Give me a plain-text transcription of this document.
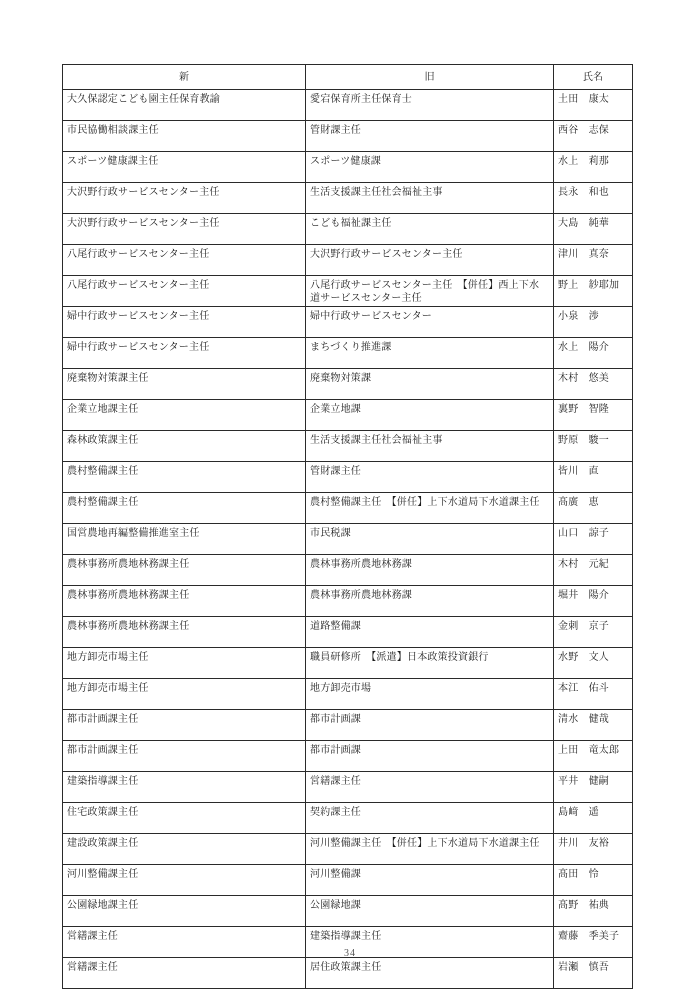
新	旧	氏名
大久保認定こども園主任保育教諭	愛宕保育所主任保育士	土田　康太
市民協働相談課主任	管財課主任	西谷　志保
スポーツ健康課主任	スポーツ健康課	水上　莉那
大沢野行政サービスセンター主任	生活支援課主任社会福祉主事	長永　和也
大沢野行政サービスセンター主任	こども福祉課主任	大島　純華
八尾行政サービスセンター主任	大沢野行政サービスセンター主任	津川　真奈
八尾行政サービスセンター主任	八尾行政サービスセンター主任　【併任】西上下水道サービスセンター主任	野上　紗耶加
婦中行政サービスセンター主任	婦中行政サービスセンター	小泉　渉
婦中行政サービスセンター主任	まちづくり推進課	水上　陽介
廃棄物対策課主任	廃棄物対策課	木村　悠美
企業立地課主任	企業立地課	裏野　智隆
森林政策課主任	生活支援課主任社会福祉主事	野原　駿一
農村整備課主任	管財課主任	皆川　直
農村整備課主任	農村整備課主任　【併任】上下水道局下水道課主任	髙廣　恵
国営農地再編整備推進室主任	市民税課	山口　諒子
農林事務所農地林務課主任	農林事務所農地林務課	木村　元紀
農林事務所農地林務課主任	農林事務所農地林務課	堀井　陽介
農林事務所農地林務課主任	道路整備課	金刺　京子
地方卸売市場主任	職員研修所　【派遣】日本政策投資銀行	水野　文人
地方卸売市場主任	地方卸売市場	本江　佑斗
都市計画課主任	都市計画課	清水　健哉
都市計画課主任	都市計画課	上田　竜太郎
建築指導課主任	営繕課主任	平井　健嗣
住宅政策課主任	契約課主任	島﨑　遥
建設政策課主任	河川整備課主任　【併任】上下水道局下水道課主任	井川　友裕
河川整備課主任	河川整備課	髙田　怜
公園緑地課主任	公園緑地課	髙野　祐典
営繕課主任	建築指導課主任	齋藤　季美子
営繕課主任	居住政策課主任	岩瀬　慎吾
34
